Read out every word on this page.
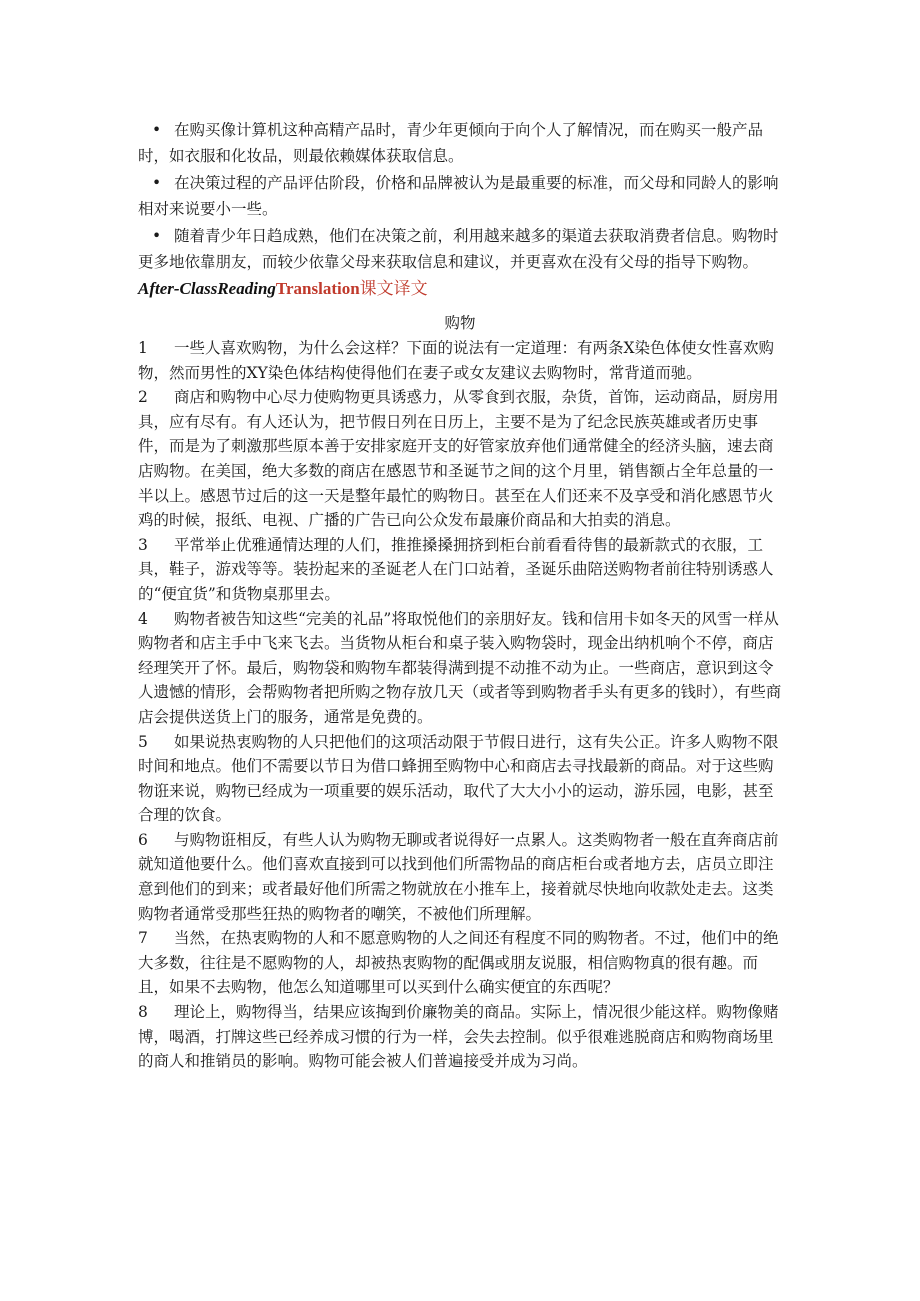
• 在购买像计算机这种高精产品时，青少年更倾向于向个人了解情况，而在购买一般产品时，如衣服和化妆品，则最依赖媒体获取信息。

• 在决策过程的产品评估阶段，价格和品牌被认为是最重要的标准，而父母和同龄人的影响相对来说要小一些。

• 随着青少年日趋成熟，他们在决策之前，利用越来越多的渠道去获取消费者信息。购物时更多地依靠朋友，而较少依靠父母来获取信息和建议，并更喜欢在没有父母的指导下购物。

After-ClassReadingTranslation课文译文
购物

1 一些人喜欢购物，为什么会这样？下面的说法有一定道理：有两条X染色体使女性喜欢购物，然而男性的XY染色体结构使得他们在妻子或女友建议去购物时，常背道而驰。

2 商店和购物中心尽力使购物更具诱惑力，从零食到衣服，杂货，首饰，运动商品，厨房用具，应有尽有。有人还认为，把节假日列在日历上，主要不是为了纪念民族英雄或者历史事件，而是为了刺激那些原本善于安排家庭开支的好管家放弃他们通常健全的经济头脑，速去商店购物。在美国，绝大多数的商店在感恩节和圣诞节之间的这个月里，销售额占全年总量的一半以上。感恩节过后的这一天是整年最忙的购物日。甚至在人们还来不及享受和消化感恩节火鸡的时候，报纸、电视、广播的广告已向公众发布最廉价商品和大拍卖的消息。

3 平常举止优雅通情达理的人们，推推搡搡拥挤到柜台前看看待售的最新款式的衣服，工具，鞋子，游戏等等。装扮起来的圣诞老人在门口站着，圣诞乐曲陪送购物者前往特别诱惑人的“便宜货”和货物桌那里去。

4 购物者被告知这些“完美的礼品”将取悦他们的亲朋好友。钱和信用卡如冬天的风雪一样从购物者和店主手中飞来飞去。当货物从柜台和桌子装入购物袋时，现金出纳机响个不停，商店经理笑开了怀。最后，购物袋和购物车都装得满到提不动推不动为止。一些商店，意识到这令人遗憾的情形，会帮购物者把所购之物存放几天（或者等到购物者手头有更多的钱时），有些商店会提供送货上门的服务，通常是免费的。

5 如果说热衷购物的人只把他们的这项活动限于节假日进行，这有失公正。许多人购物不限时间和地点。他们不需要以节日为借口蜂拥至购物中心和商店去寻找最新的商品。对于这些购物诳来说，购物已经成为一项重要的娱乐活动，取代了大大小小的运动，游乐园，电影，甚至合理的饮食。

6 与购物诳相反，有些人认为购物无聊或者说得好一点累人。这类购物者一般在直奔商店前就知道他要什么。他们喜欢直接到可以找到他们所需物品的商店柜台或者地方去，店员立即注意到他们的到来；或者最好他们所需之物就放在小推车上，接着就尽快地向收款处走去。这类购物者通常受那些狂热的购物者的嘲笑，不被他们所理解。

7 当然，在热衷购物的人和不愿意购物的人之间还有程度不同的购物者。不过，他们中的绝大多数，往往是不愿购物的人，却被热衷购物的配偶或朋友说服，相信购物真的很有趣。而且，如果不去购物，他怎么知道哪里可以买到什么确实便宜的东西呢？

8 理论上，购物得当，结果应该掏到价廉物美的商品。实际上，情况很少能这样。购物像赌博，喝酒，打牌这些已经养成习惯的行为一样，会失去控制。似乎很难逃脱商店和购物商场里的商人和推销员的影响。购物可能会被人们普遍接受并成为习尚。
